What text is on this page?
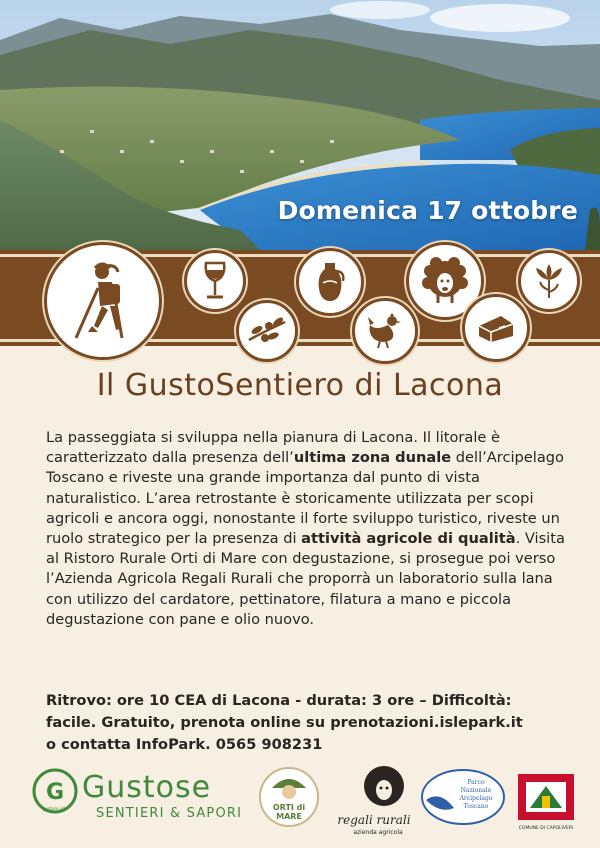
Domenica 17 ottobre
Il GustoSentiero di Lacona
La passeggiata si sviluppa nella pianura di Lacona. Il litorale è caratterizzato dalla presenza dell’ultima zona dunale dell’Arcipelago Toscano e riveste una grande importanza dal punto di vista naturalistico. L’area retrostante è storicamente utilizzata per scopi agricoli e ancora oggi, nonostante il forte sviluppo turistico, riveste un ruolo strategico per la presenza di attività agricole di qualità. Visita al Ristoro Rurale Orti di Mare con degustazione, si prosegue poi verso l’Azienda Agricola Regali Rurali che proporrà un laboratorio sulla lana con utilizzo del cardatore, pettinatore, filatura a mano e piccola degustazione con pane e olio nuovo.
Ritrovo: ore 10 CEA di Lacona - durata: 3 ore – Difficoltà:
facile. Gratuito, prenota online su prenotazioni.islepark.it
o contatta InfoPark. 0565 908231
G
gustose.info
Gustose
SENTIERI & SAPORI	ORTI di
MARE	regali rurali
azienda agricola
Parco
Nazionale
Arcipelago
Toscano
COMUNE DI CAPOLIVERI
